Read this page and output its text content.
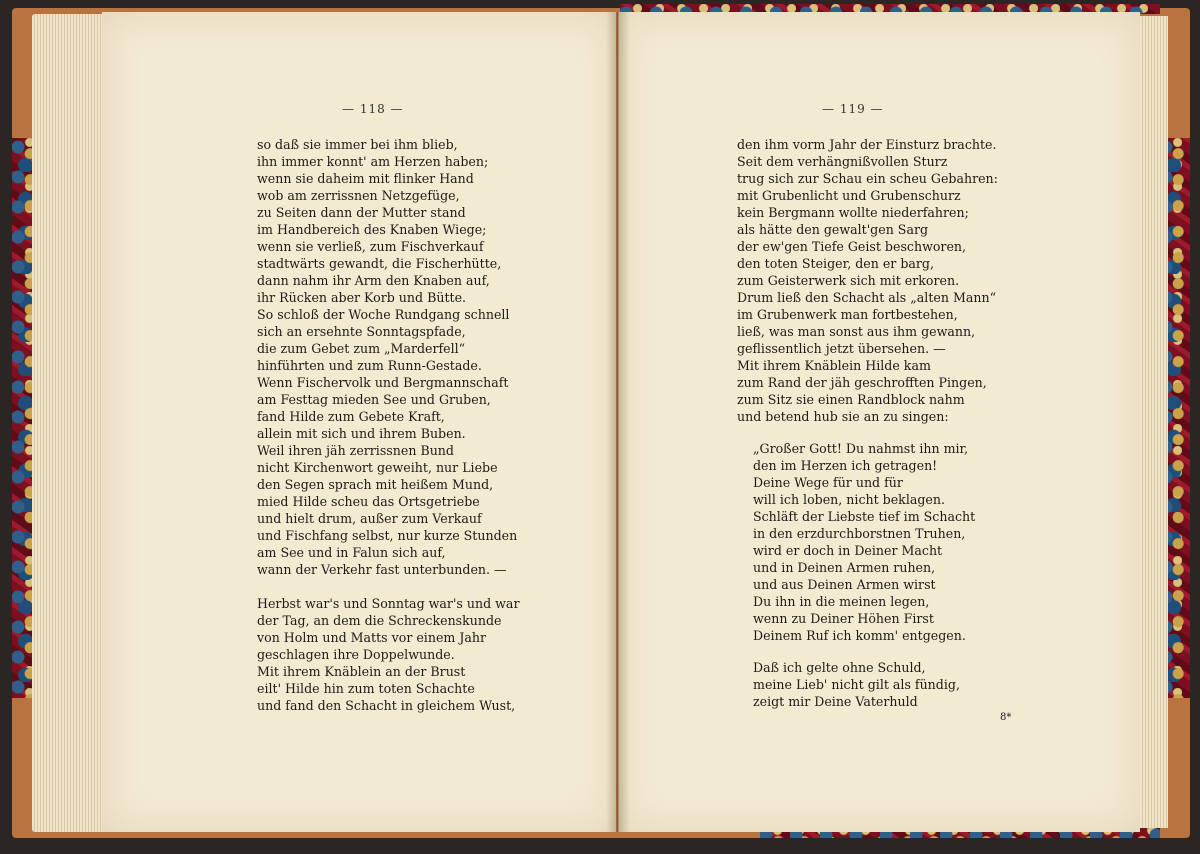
— 118 —	— 119 —
so daß sie immer bei ihm blieb,
ihn immer konnt' am Herzen haben;
wenn sie daheim mit flinker Hand
wob am zerrissnen Netzgefüge,
zu Seiten dann der Mutter stand
im Handbereich des Knaben Wiege;
wenn sie verließ, zum Fischverkauf
stadtwärts gewandt, die Fischerhütte,
dann nahm ihr Arm den Knaben auf,
ihr Rücken aber Korb und Bütte.
So schloß der Woche Rundgang schnell
sich an ersehnte Sonntagspfade,
die zum Gebet zum „Marderfell“
hinführten und zum Runn-Gestade.
Wenn Fischervolk und Bergmannschaft
am Festtag mieden See und Gruben,
fand Hilde zum Gebete Kraft,
allein mit sich und ihrem Buben.
Weil ihren jäh zerrissnen Bund
nicht Kirchenwort geweiht, nur Liebe
den Segen sprach mit heißem Mund,
mied Hilde scheu das Ortsgetriebe
und hielt drum, außer zum Verkauf
und Fischfang selbst, nur kurze Stunden
am See und in Falun sich auf,
wann der Verkehr fast unterbunden. —
Herbst war's und Sonntag war's und war
der Tag, an dem die Schreckenskunde
von Holm und Matts vor einem Jahr
geschlagen ihre Doppelwunde.
Mit ihrem Knäblein an der Brust
eilt' Hilde hin zum toten Schachte
und fand den Schacht in gleichem Wust,
den ihm vorm Jahr der Einsturz brachte.
Seit dem verhängnißvollen Sturz
trug sich zur Schau ein scheu Gebahren:
mit Grubenlicht und Grubenschurz
kein Bergmann wollte niederfahren;
als hätte den gewalt'gen Sarg
der ew'gen Tiefe Geist beschworen,
den toten Steiger, den er barg,
zum Geisterwerk sich mit erkoren.
Drum ließ den Schacht als „alten Mann“
im Grubenwerk man fortbestehen,
ließ, was man sonst aus ihm gewann,
geflissentlich jetzt übersehen. —
Mit ihrem Knäblein Hilde kam
zum Rand der jäh geschrofften Pingen,
zum Sitz sie einen Randblock nahm
und betend hub sie an zu singen:
„Großer Gott! Du nahmst ihn mir,
den im Herzen ich getragen!
Deine Wege für und für
will ich loben, nicht beklagen.
Schläft der Liebste tief im Schacht
in den erzdurchborstnen Truhen,
wird er doch in Deiner Macht
und in Deinen Armen ruhen,
und aus Deinen Armen wirst
Du ihn in die meinen legen,
wenn zu Deiner Höhen First
Deinem Ruf ich komm' entgegen.
Daß ich gelte ohne Schuld,
meine Lieb' nicht gilt als fündig,
zeigt mir Deine Vaterhuld
8*
